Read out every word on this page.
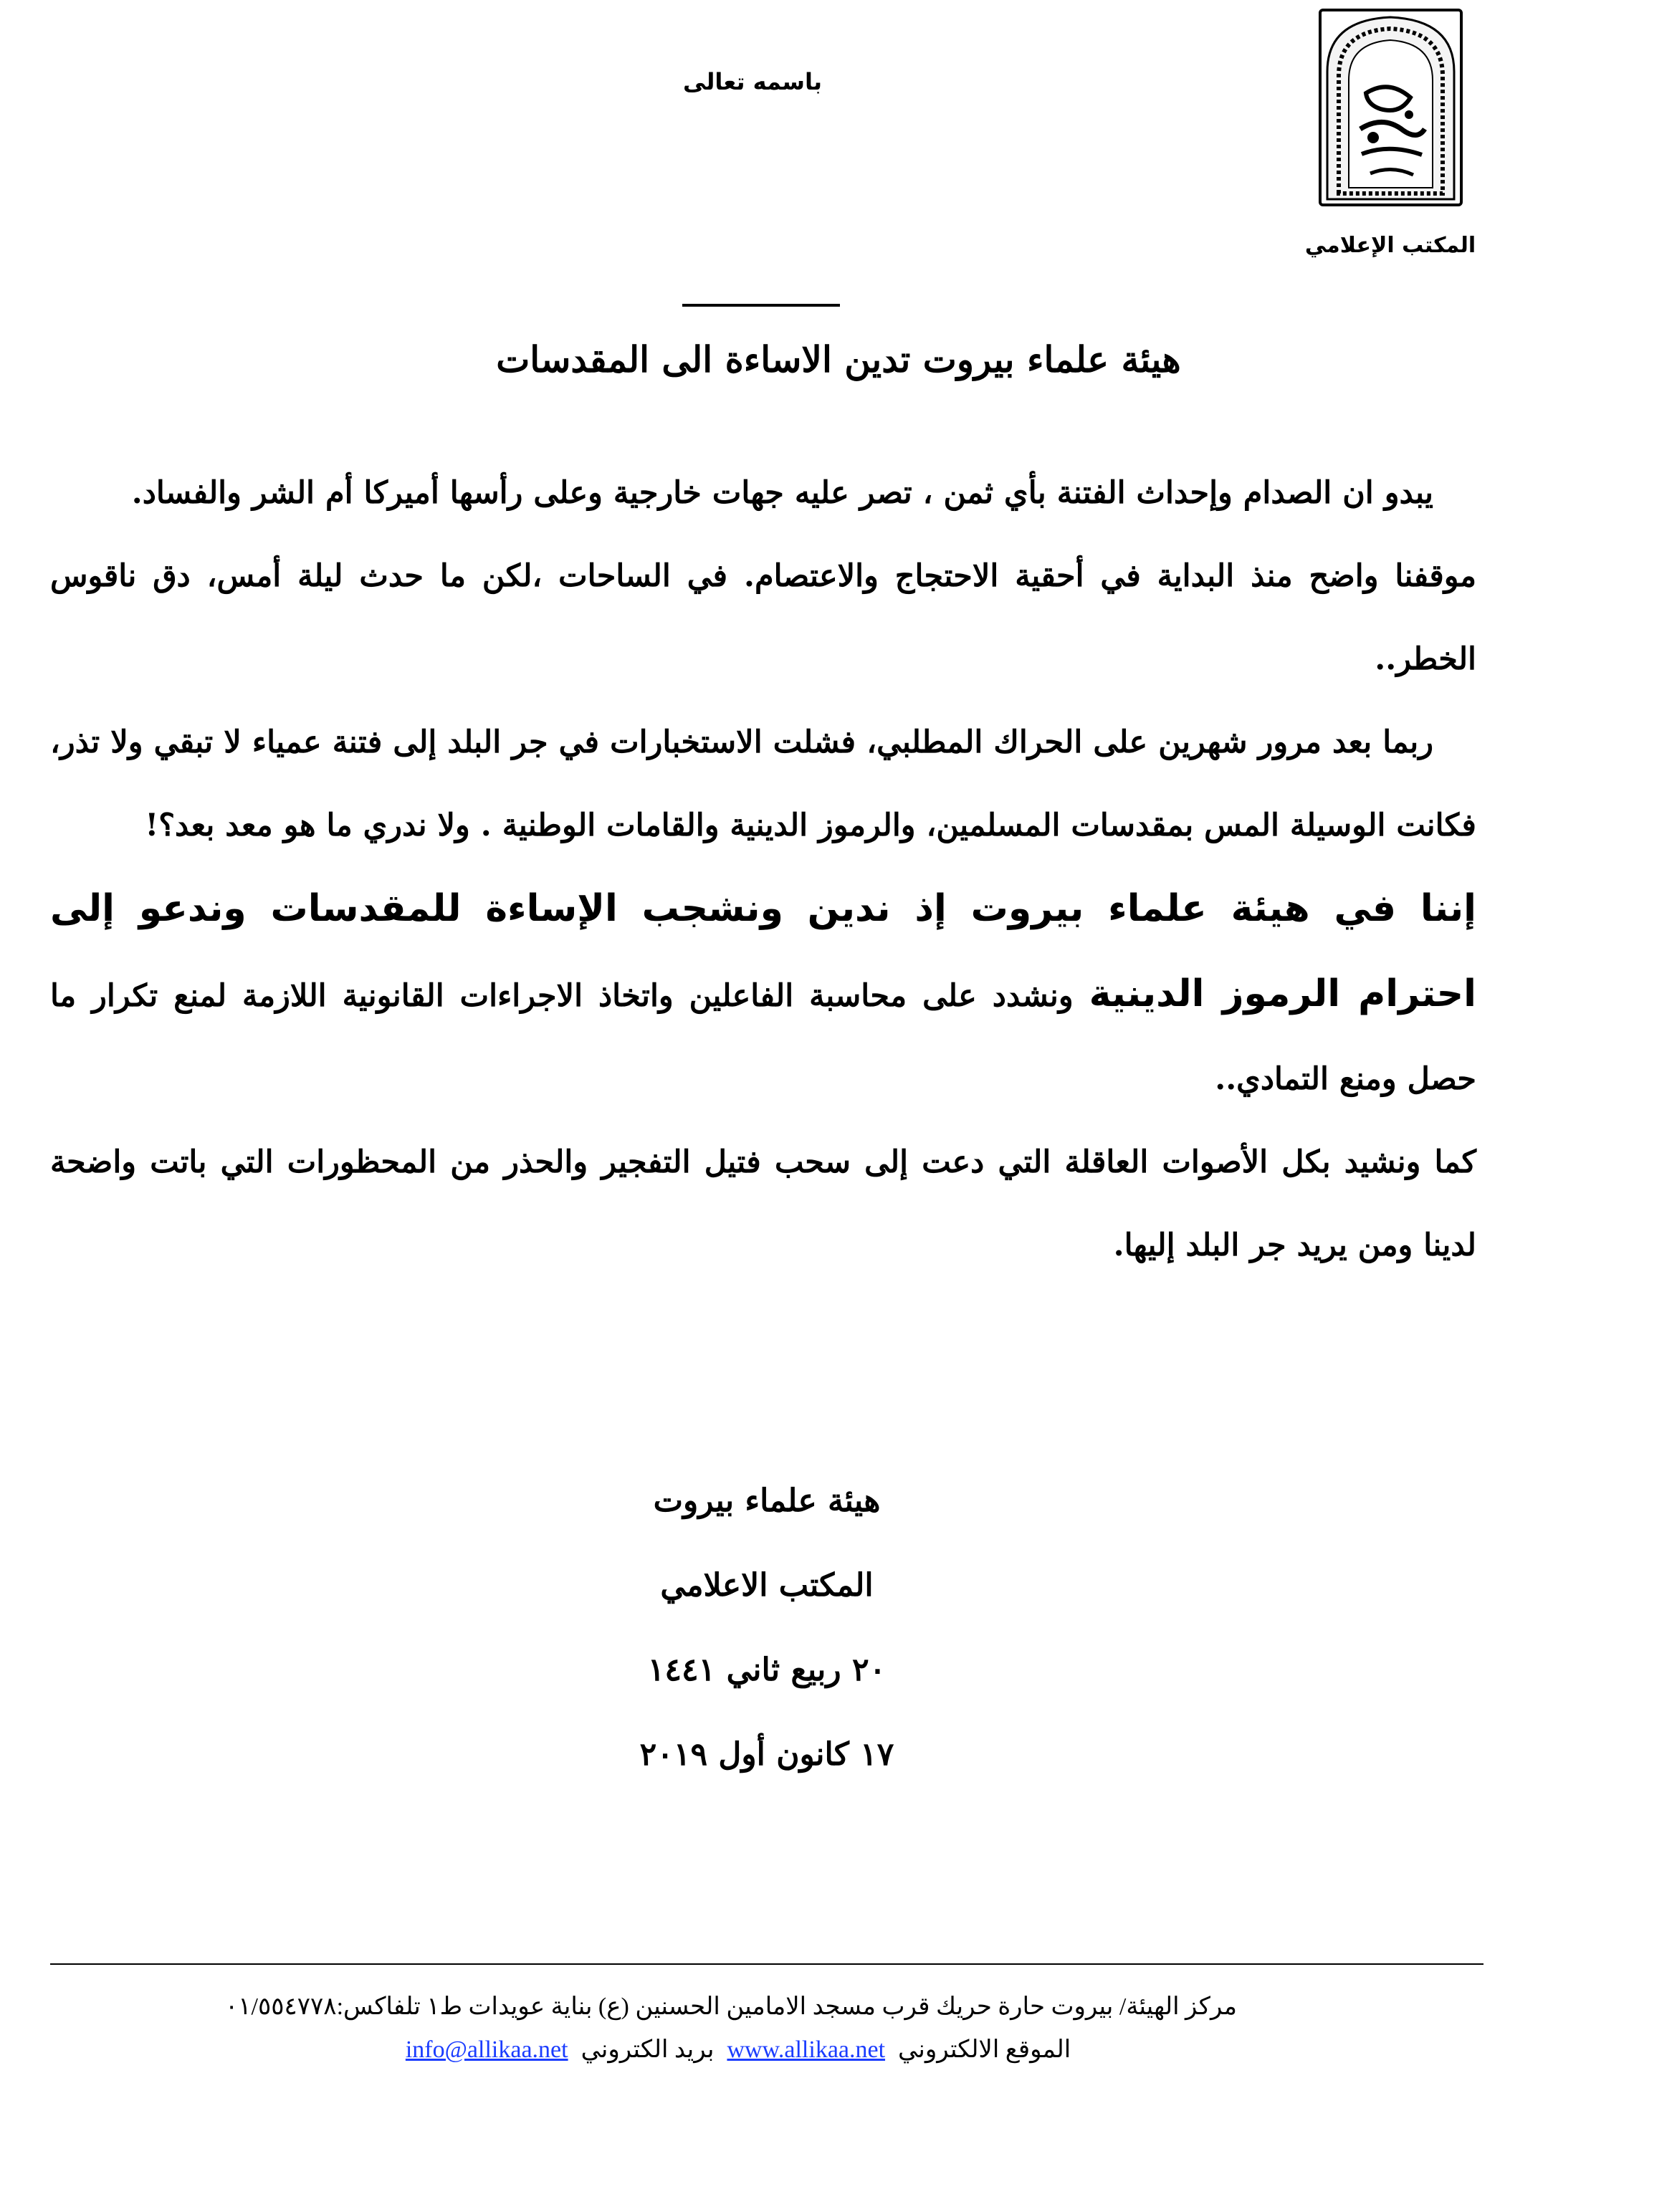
باسمه تعالى
المكتب الإعلامي
هيئة علماء بيروت تدين الاساءة الى المقدسات

يبدو ان الصدام وإحداث الفتنة بأي ثمن ، تصر عليه جهات خارجية وعلى رأسها أميركا أم الشر والفساد.

موقفنا واضح منذ البداية في أحقية الاحتجاج والاعتصام. في الساحات ،لكن ما حدث ليلة أمس، دق ناقوس الخطر..

ربما بعد مرور شهرين على الحراك المطلبي، فشلت الاستخبارات في جر البلد إلى فتنة عمياء لا تبقي ولا تذر، فكانت الوسيلة المس بمقدسات المسلمين، والرموز الدينية والقامات الوطنية . ولا ندري ما هو معد بعد؟!

إننا في هيئة علماء بيروت إذ ندين ونشجب الإساءة للمقدسات وندعو إلى احترام الرموز الدينية ونشدد على محاسبة الفاعلين واتخاذ الاجراءات القانونية اللازمة لمنع تكرار ما حصل ومنع التمادي..

كما ونشيد بكل الأصوات العاقلة التي دعت إلى سحب فتيل التفجير والحذر من المحظورات التي باتت واضحة لدينا ومن يريد جر البلد إليها.

هيئة علماء بيروت
المكتب الاعلامي
٢٠ ربيع ثاني ١٤٤١
١٧ كانون أول ٢٠١٩
مركز الهيئة/ بيروت حارة حريك قرب مسجد الامامين الحسنين (ع) بناية عويدات ط١ تلفاكس:٠١/٥٥٤٧٧٨
الموقع الالكترونيwww.allikaa.netبريد الكترونيinfo@allikaa.net
